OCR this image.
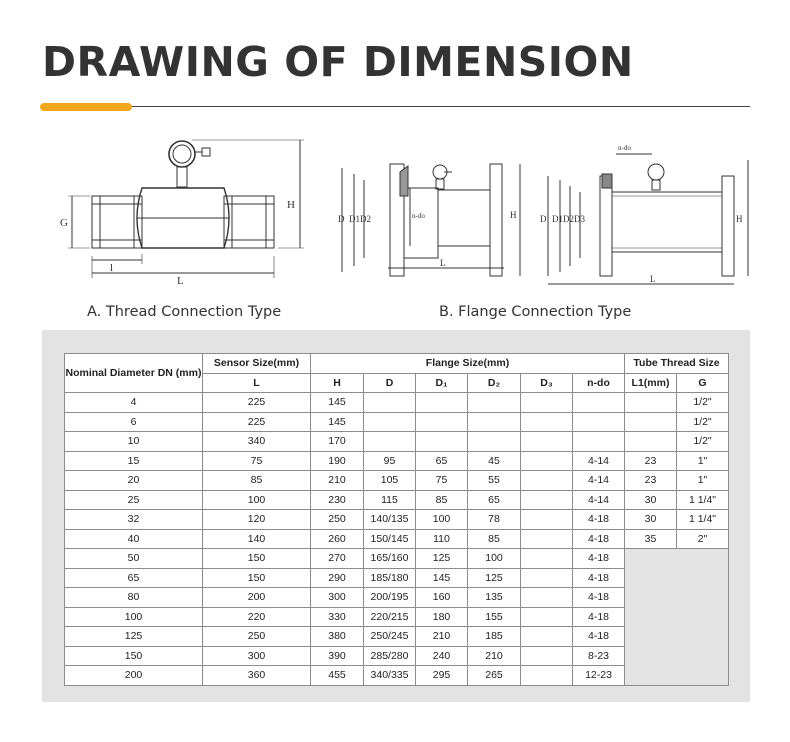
DRAWING OF DIMENSION
G
H
l
L
D D1 D2	n-do	H
L
D D1 D2 D3
n-do
H
L
A. Thread Connection Type	B. Flange Connection Type
Nominal Diameter DN (mm)	Sensor Size(mm)	Flange Size(mm)						Tube Thread Size	
	L	H	D	D₁	D₂	D₃	n-do	L1(mm)	G
4	225	145							1/2"
6	225	145							1/2"
10	340	170							1/2"
15	75	190	95	65	45		4-14	23	1"
20	85	210	105	75	55		4-14	23	1"
25	100	230	115	85	65		4-14	30	1 1/4"
32	120	250	140/135	100	78		4-18	30	1 1/4"
40	140	260	150/145	110	85		4-18	35	2"
50	150	270	165/160	125	100		4-18		
65	150	290	185/180	145	125		4-18		
80	200	300	200/195	160	135		4-18		
100	220	330	220/215	180	155		4-18		
125	250	380	250/245	210	185		4-18		
150	300	390	285/280	240	210		8-23		
200	360	455	340/335	295	265		12-23		
